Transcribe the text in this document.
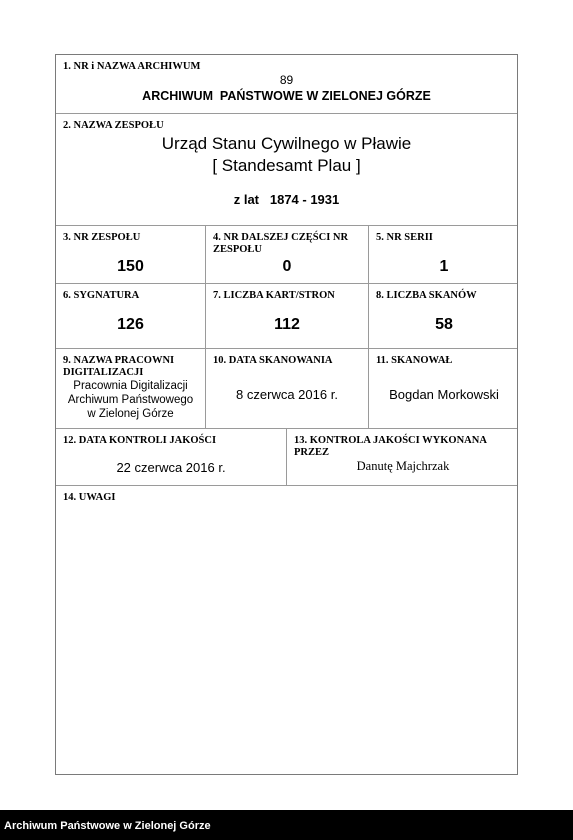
1. NR i NAZWA ARCHIWUM
89
ARCHIWUM  PAŃSTWOWE W ZIELONEJ GÓRZE
2. NAZWA ZESPOŁU
Urząd Stanu Cywilnego w Pławie
[ Standesamt Plau ]
z lat 1874 - 1931
3. NR ZESPOŁU
150
4. NR DALSZEJ CZĘŚCI NR ZESPOŁU
0
5. NR SERII
1
6. SYGNATURA
126
7. LICZBA KART/STRON
112
8. LICZBA SKANÓW
58
9. NAZWA PRACOWNI DIGITALIZACJI
Pracownia Digitalizacji
Archiwum Państwowego
w Zielonej Górze
10. DATA SKANOWANIA
8 czerwca 2016 r.
11. SKANOWAŁ
Bogdan Morkowski
12. DATA KONTROLI JAKOŚCI
22 czerwca 2016 r.
13. KONTROLA JAKOŚCI WYKONANA PRZEZ
Danutę Majchrzak
14. UWAGI
Archiwum Państwowe w Zielonej Górze
